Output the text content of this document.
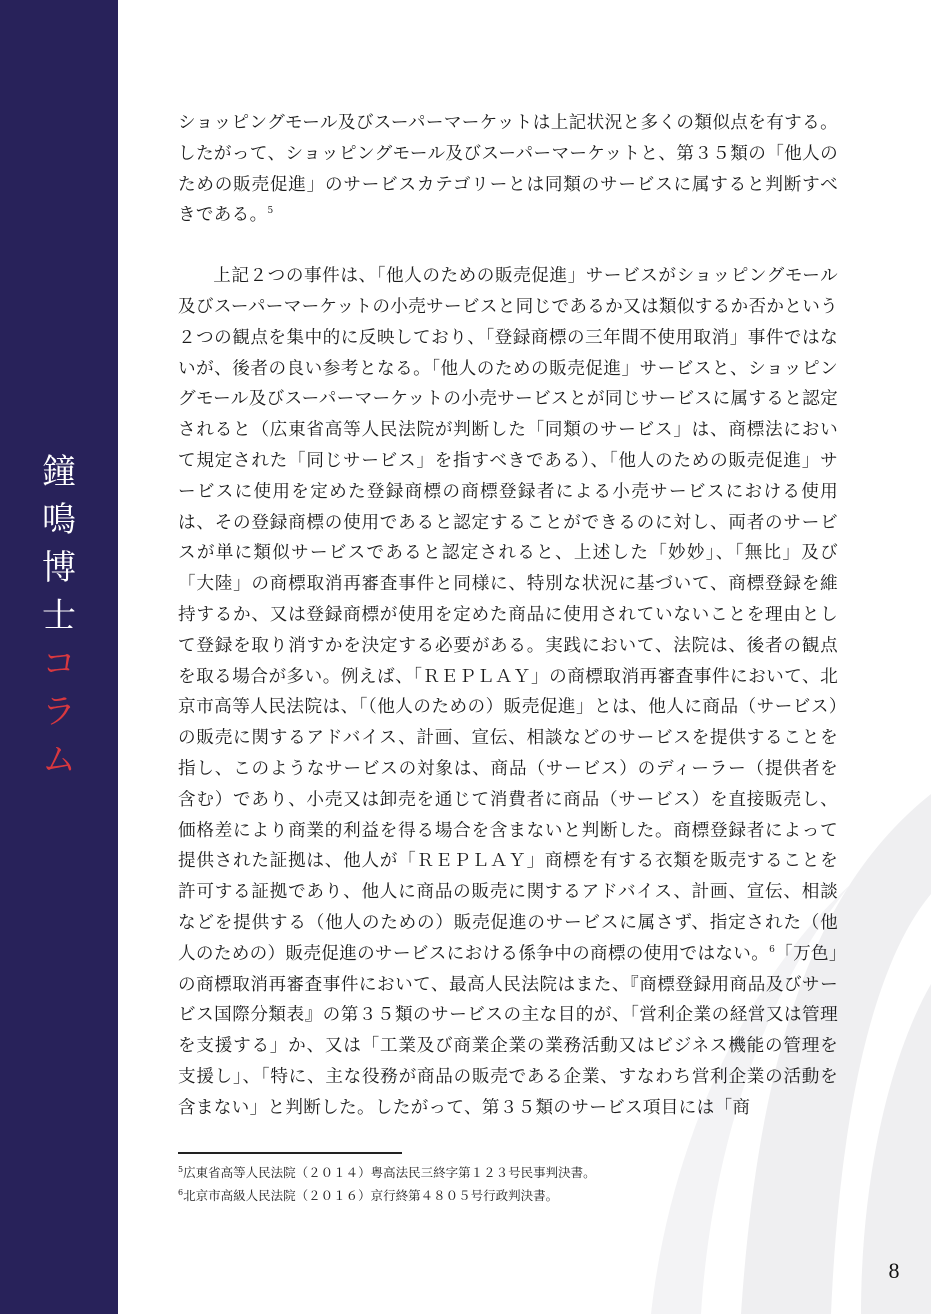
鐘
鳴
博
士
コ
ラ
ム

ショッピングモール及びスーパーマーケットは上記状況と多くの類似点を有する。したがって、ショッピングモール及びスーパーマーケットと、第３５類の「他人のための販売促進」のサービスカテゴリーとは同類のサービスに属すると判断すべきである。$^5$

上記２つの事件は、「他人のための販売促進」サービスがショッピングモール及びスーパーマーケットの小売サービスと同じであるか又は類似するか否かという２つの観点を集中的に反映しており、「登録商標の三年間不使用取消」事件ではないが、後者の良い参考となる。「他人のための販売促進」サービスと、ショッピングモール及びスーパーマーケットの小売サービスとが同じサービスに属すると認定されると（広東省高等人民法院が判断した「同類のサービス」は、商標法において規定された「同じサービス」を指すべきである）、「他人のための販売促進」サービスに使用を定めた登録商標の商標登録者による小売サービスにおける使用は、その登録商標の使用であると認定することができるのに対し、両者のサービスが単に類似サービスであると認定されると、上述した「妙妙」、「無比」及び「大陸」の商標取消再審査事件と同様に、特別な状況に基づいて、商標登録を維持するか、又は登録商標が使用を定めた商品に使用されていないことを理由として登録を取り消すかを決定する必要がある。実践において、法院は、後者の観点を取る場合が多い。例えば、「ＲＥＰＬＡＹ」の商標取消再審査事件において、北京市高等人民法院は、「（他人のための）販売促進」とは、他人に商品（サービス）の販売に関するアドバイス、計画、宣伝、相談などのサービスを提供することを指し、このようなサービスの対象は、商品（サービス）のディーラー（提供者を含む）であり、小売又は卸売を通じて消費者に商品（サービス）を直接販売し、価格差により商業的利益を得る場合を含まないと判断した。商標登録者によって提供された証拠は、他人が「ＲＥＰＬＡＹ」商標を有する衣類を販売することを許可する証拠であり、他人に商品の販売に関するアドバイス、計画、宣伝、相談などを提供する（他人のための）販売促進のサービスに属さず、指定された（他人のための）販売促進のサービスにおける係争中の商標の使用ではない。$^6$「万色」の商標取消再審査事件において、最高人民法院はまた、『商標登録用商品及びサービス国際分類表』の第３５類のサービスの主な目的が、「営利企業の経営又は管理を支援する」か、又は「工業及び商業企業の業務活動又はビジネス機能の管理を支援し」、「特に、主な役務が商品の販売である企業、すなわち営利企業の活動を含まない」と判断した。したがって、第３５類のサービス項目には「商

$^5$広東省高等人民法院（２０１４）粤高法民三終字第１２３号民事判決書。
$^6$北京市高級人民法院（２０１６）京行終第４８０５号行政判決書。
8
